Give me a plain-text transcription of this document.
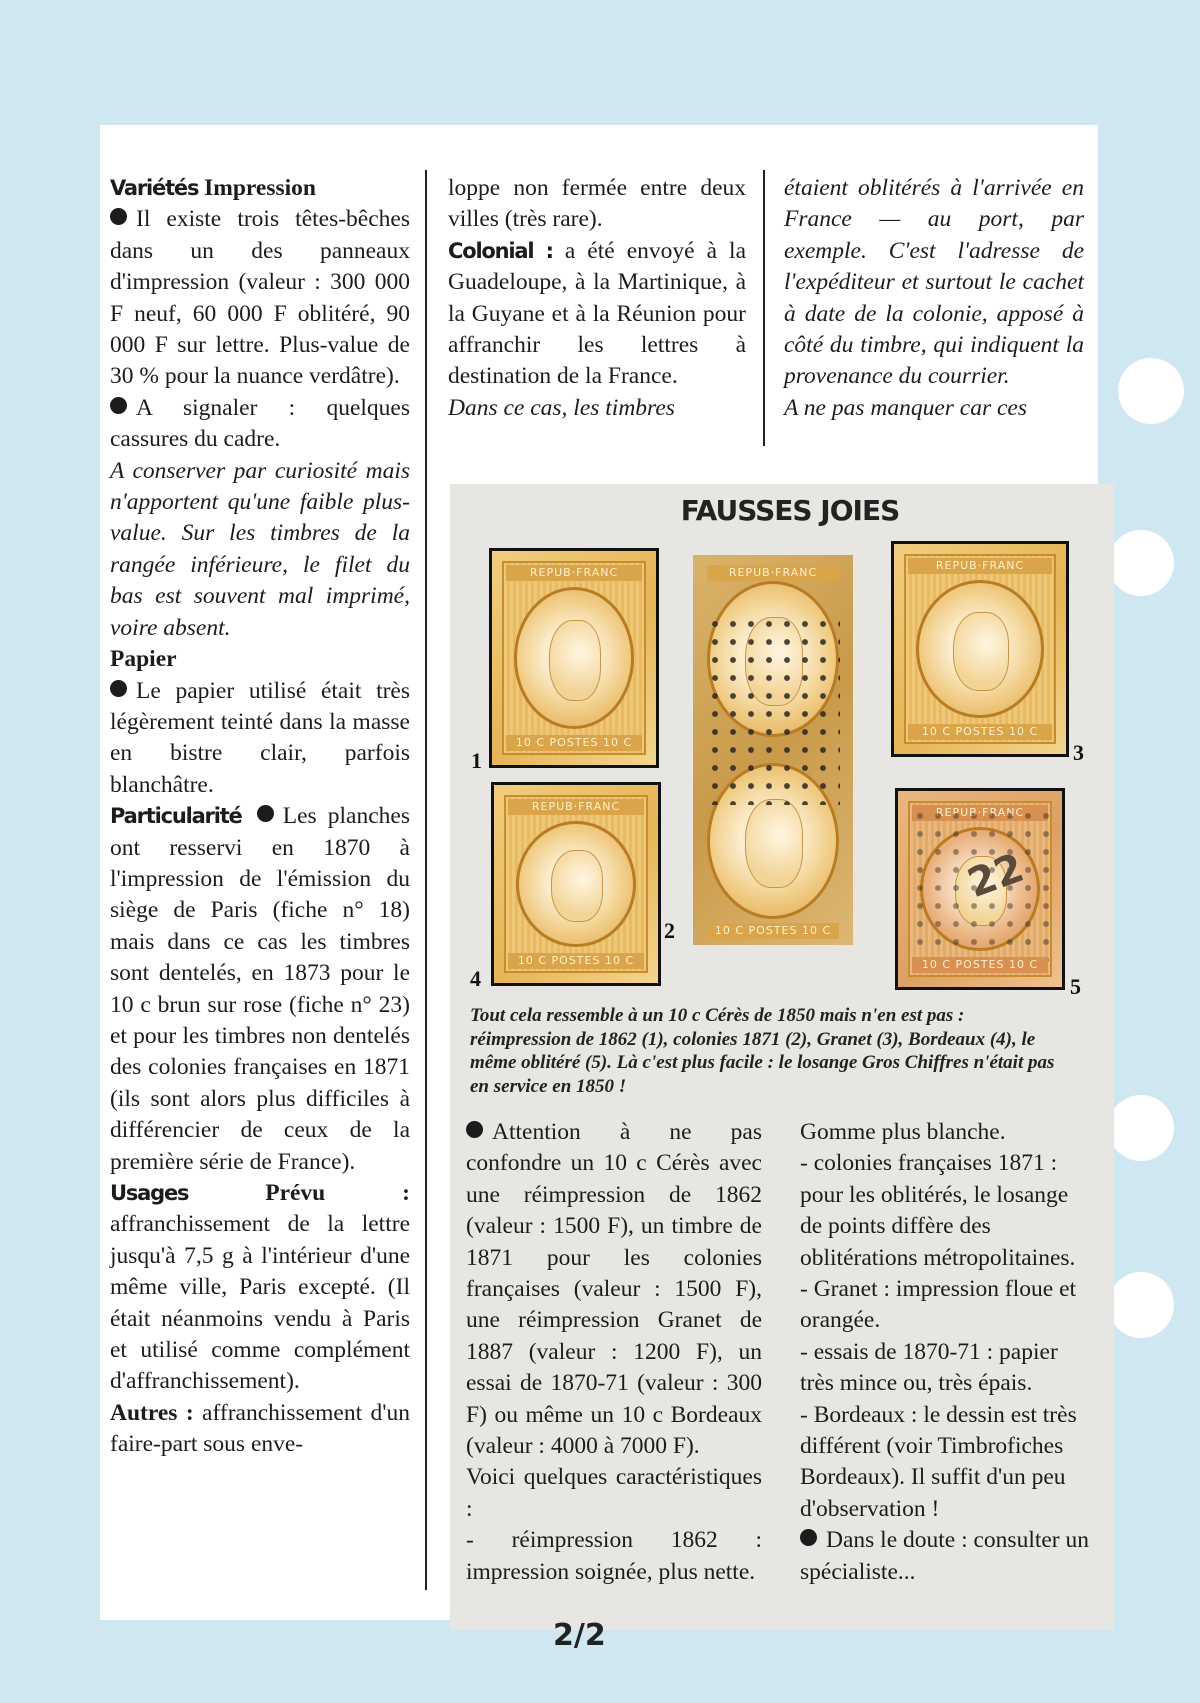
Variétés Impression

Il existe trois têtes-bêches dans un des panneaux d'impression (valeur : 300 000 F neuf, 60 000 F oblitéré, 90 000 F sur lettre. Plus-value de 30 % pour la nuance verdâtre).

A signaler : quelques cassures du cadre.

A conserver par curiosité mais n'apportent qu'une faible plus-value. Sur les timbres de la rangée inférieure, le filet du bas est souvent mal imprimé, voire absent.

Papier

Le papier utilisé était très légèrement teinté dans la masse en bistre clair, parfois blanchâtre.

Particularité Les planches ont resservi en 1870 à l'impression de l'émission du siège de Paris (fiche n° 18) mais dans ce cas les timbres sont dentelés, en 1873 pour le 10 c brun sur rose (fiche n° 23) et pour les timbres non dentelés des colonies françaises en 1871 (ils sont alors plus difficiles à différencier de ceux de la première série de France).

Usages	Prévu : affranchissement de la lettre jusqu'à 7,5 g à l'intérieur d'une même ville, Paris excepté. (Il était néanmoins vendu à Paris et utilisé comme complément d'affranchissement).

Autres : affranchissement d'un faire-part sous enve-

loppe non fermée entre deux villes (très rare).

Colonial : a été envoyé à la Guadeloupe, à la Martinique, à la Guyane et à la Réunion pour affranchir les lettres à destination de la France.

Dans ce cas, les timbres

étaient oblitérés à l'arrivée en France — au port, par exemple. C'est l'adresse de l'expéditeur et surtout le cachet à date de la colonie, apposé à côté du timbre, qui indiquent la provenance du courrier.

A ne pas manquer car ces

FAUSSES JOIES
REPUB·FRANC
10 C POSTES 10 C
1
REPUB·FRANC
10 C POSTES 10 C
2
REPUB·FRANC
10 C POSTES 10 C
3
REPUB·FRANC
10 C POSTES 10 C
4
REPUB·FRANC
22
10 C POSTES 10 C
5
Tout cela ressemble à un 10 c Cérès de 1850 mais n'en est pas : réimpression de 1862 (1), colonies 1871 (2), Granet (3), Bordeaux (4), le même oblitéré (5). Là c'est plus facile : le losange Gros Chiffres n'était pas en service en 1850 !

Attention à ne pas confondre un 10 c Cérès avec une réimpression de 1862 (valeur : 1500 F), un timbre de 1871 pour les colonies françaises (valeur : 1500 F), une réimpression Granet de 1887 (valeur : 1200 F), un essai de 1870-71 (valeur : 300 F) ou même un 10 c Bordeaux (valeur : 4000 à 7000 F).

Voici quelques caractéristiques :

- réimpression 1862 : impression soignée, plus nette.

Gomme plus blanche.

- colonies françaises 1871 : pour les oblitérés, le losange de points diffère des oblitérations métropolitaines.

- Granet : impression floue et orangée.

- essais de 1870-71 : papier très mince ou, très épais.

- Bordeaux : le dessin est très différent (voir Timbrofiches Bordeaux). Il suffit d'un peu d'observation !

Dans le doute : consulter un spécialiste...

2/2
